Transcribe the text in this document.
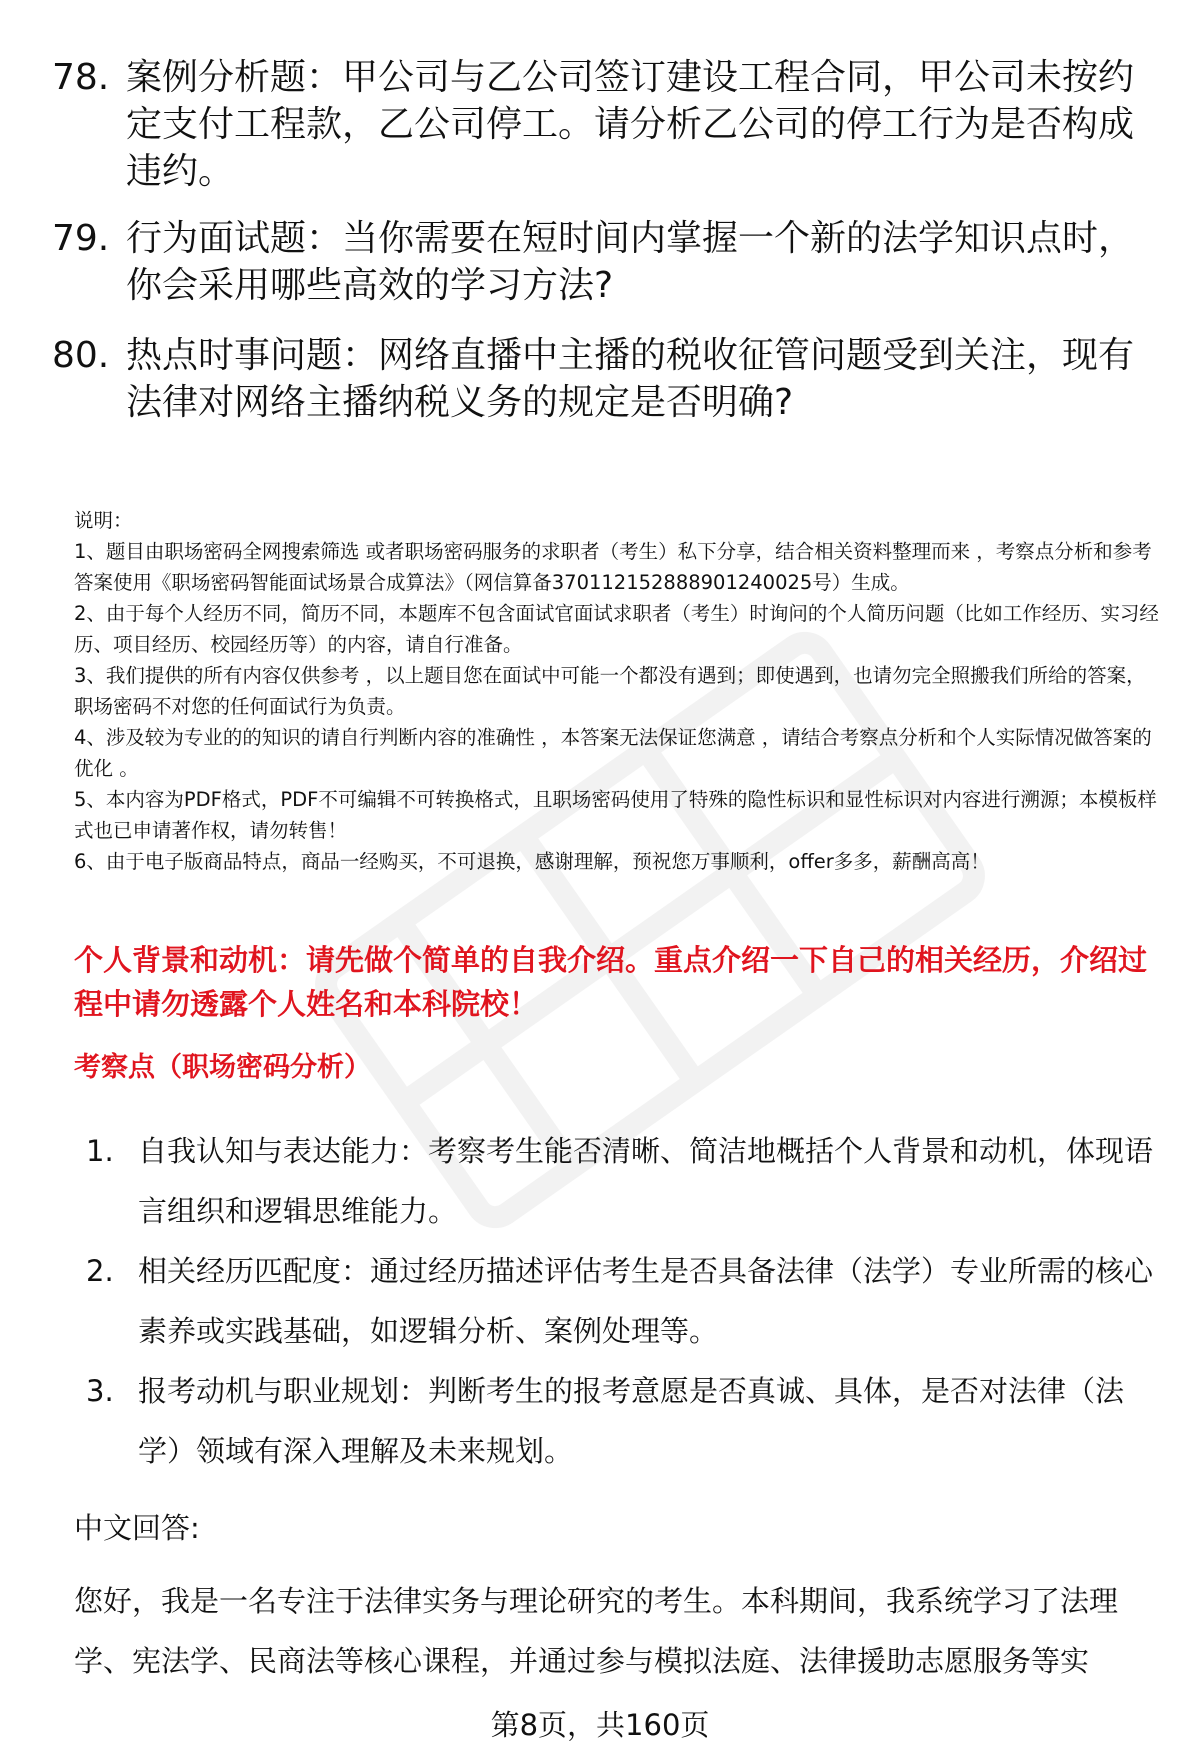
78. 案例分析题：甲公司与乙公司签订建设工程合同，甲公司未按约定支付工程款，乙公司停工。请分析乙公司的停工行为是否构成违约。
79. 行为面试题：当你需要在短时间内掌握一个新的法学知识点时，你会采用哪些高效的学习方法?
80. 热点时事问题：网络直播中主播的税收征管问题受到关注，现有法律对网络主播纳税义务的规定是否明确?

说明：

1、题目由职场密码全网搜索筛选 或者职场密码服务的求职者（考生）私下分享，结合相关资料整理而来 ，考察点分析和参考答案使用《职场密码智能面试场景合成算法》（网信算备370112152888901240025号）生成。

2、由于每个人经历不同，简历不同，本题库不包含面试官面试求职者（考生）时询问的个人简历问题（比如工作经历、实习经历、项目经历、校园经历等）的内容，请自行准备。

3、我们提供的所有内容仅供参考 ，以上题目您在面试中可能一个都没有遇到；即使遇到，也请勿完全照搬我们所给的答案，职场密码不对您的任何面试行为负责。

4、涉及较为专业的的知识的请自行判断内容的准确性 ，本答案无法保证您满意 ，请结合考察点分析和个人实际情况做答案的优化 。

5、本内容为PDF格式，PDF不可编辑不可转换格式，且职场密码使用了特殊的隐性标识和显性标识对内容进行溯源；本模板样式也已申请著作权，请勿转售！

6、由于电子版商品特点，商品一经购买，不可退换，感谢理解，预祝您万事顺利，offer多多，薪酬高高！

个人背景和动机：请先做个简单的自我介绍。重点介绍一下自己的相关经历，介绍过程中请勿透露个人姓名和本科院校！
考察点（职场密码分析）
1. 自我认知与表达能力：考察考生能否清晰、简洁地概括个人背景和动机，体现语言组织和逻辑思维能力。
2. 相关经历匹配度：通过经历描述评估考生是否具备法律（法学）专业所需的核心素养或实践基础，如逻辑分析、案例处理等。
3. 报考动机与职业规划：判断考生的报考意愿是否真诚、具体，是否对法律（法学）领域有深入理解及未来规划。
中文回答:
您好，我是一名专注于法律实务与理论研究的考生。本科期间，我系统学习了法理学、宪法学、民商法等核心课程，并通过参与模拟法庭、法律援助志愿服务等实
第8页，共160页
